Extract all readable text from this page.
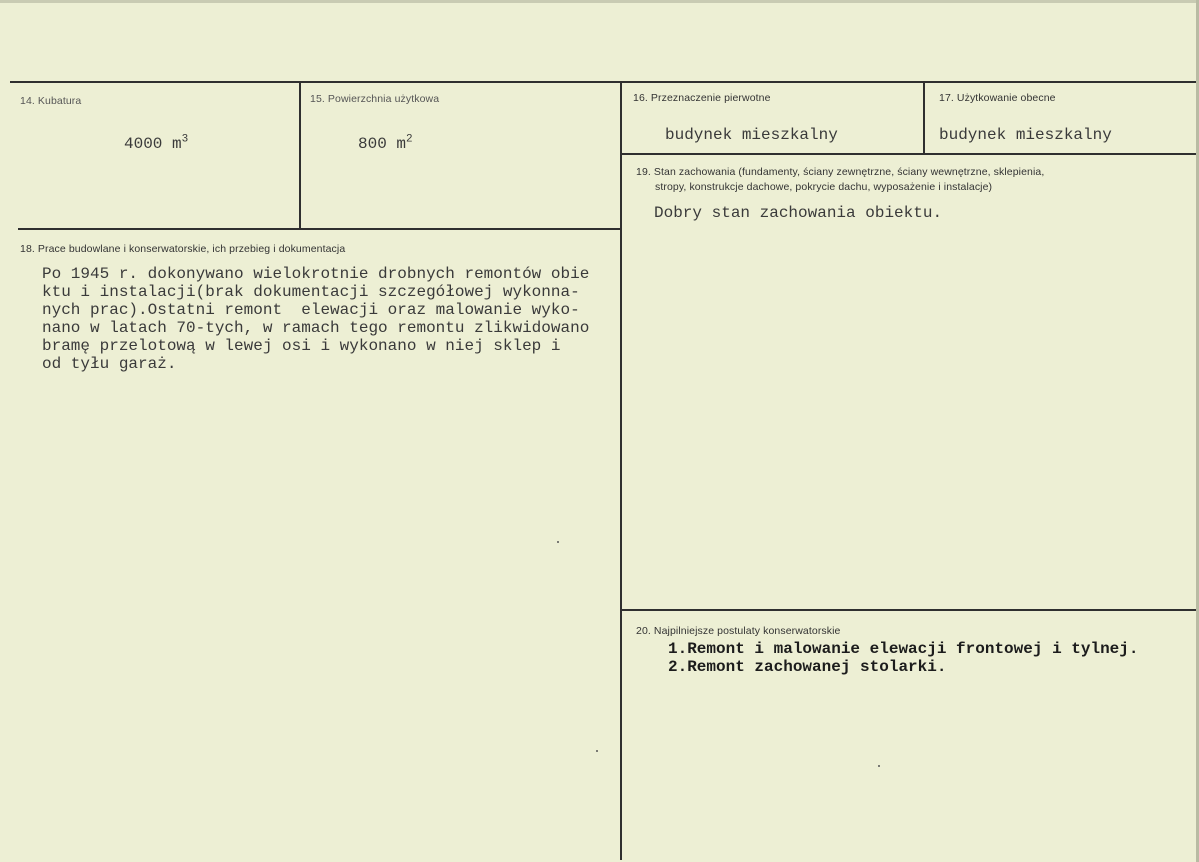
14. Kubatura
4000 $m^3$
15. Powierzchnia użytkowa
800 $m^2$
16. Przeznaczenie pierwotne
budynek mieszkalny
17. Użytkowanie obecne
budynek mieszkalny
19. Stan zachowania (fundamenty, ściany zewnętrzne, ściany wewnętrzne, sklepienia,
stropy, konstrukcje dachowe, pokrycie dachu, wyposażenie i instalacje)
Dobry stan zachowania obiektu.
18. Prace budowlane i konserwatorskie, ich przebieg i dokumentacja
Po 1945 r. dokonywano wielokrotnie drobnych remontów obie
ktu i instalacji(brak dokumentacji szczegółowej wykonna-
nych prac).Ostatni remont  elewacji oraz malowanie wyko-
nano w latach 70-tych, w ramach tego remontu zlikwidowano
bramę przelotową w lewej osi i wykonano w niej sklep i
od tyłu garaż.
20. Najpilniejsze postulaty konserwatorskie
1.Remont i malowanie elewacji frontowej i tylnej.
2.Remont zachowanej stolarki.
